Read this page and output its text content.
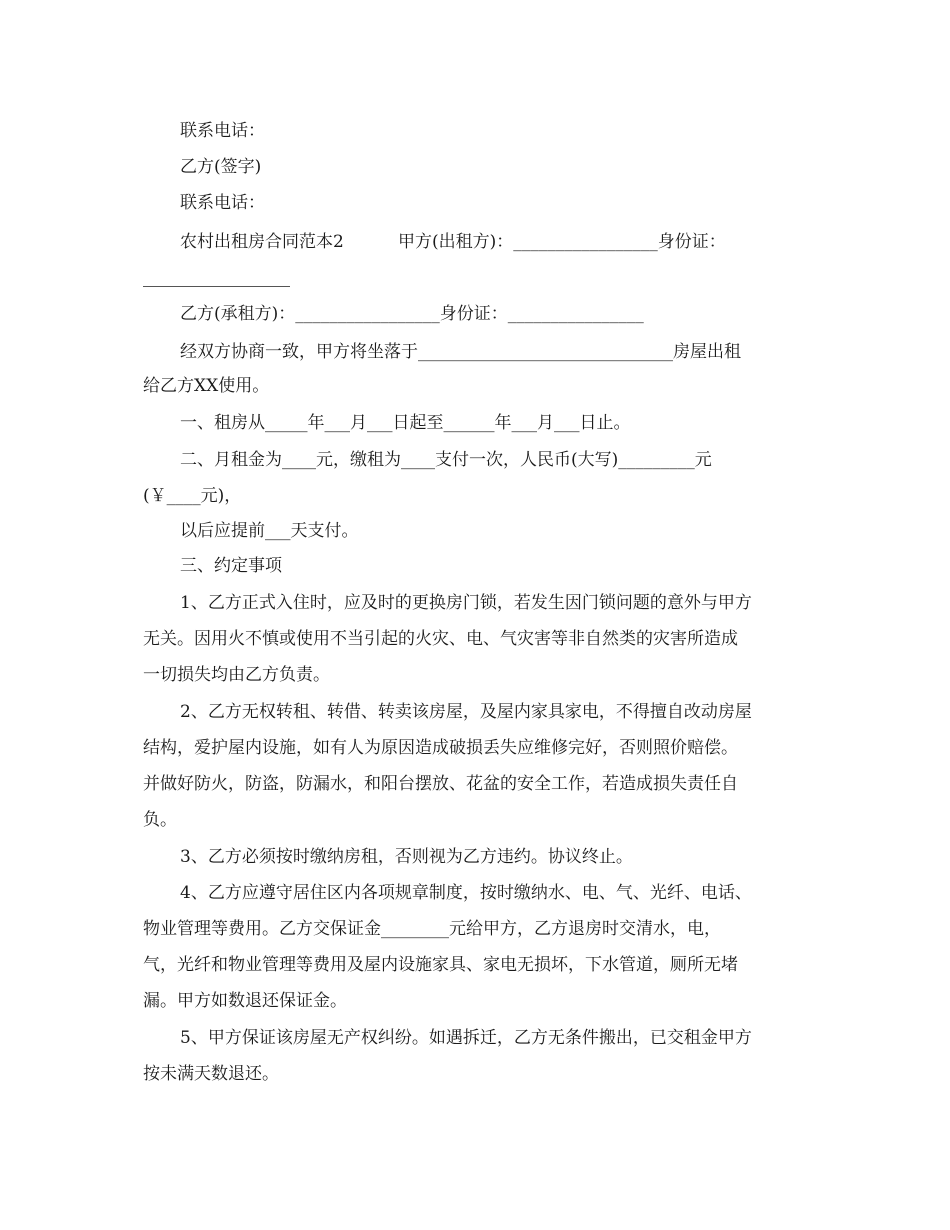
联系电话：
乙方(签字)
联系电话：
农村出租房合同范本2	甲方(出租方)：_________________身份证：
乙方(承租方)：_________________身份证：________________
经双方协商一致，甲方将坐落于______________________________房屋出租
给乙方XX使用。
一、租房从_____年___月___日起至______年___月___日止。
二、月租金为____元，缴租为____支付一次，人民币(大写)_________元
(￥____元)，
以后应提前___天支付。
三、约定事项
1、乙方正式入住时，应及时的更换房门锁，若发生因门锁问题的意外与甲方
无关。因用火不慎或使用不当引起的火灾、电、气灾害等非自然类的灾害所造成
一切损失均由乙方负责。
2、乙方无权转租、转借、转卖该房屋，及屋内家具家电，不得擅自改动房屋
结构，爱护屋内设施，如有人为原因造成破损丢失应维修完好，否则照价赔偿。
并做好防火，防盗，防漏水，和阳台摆放、花盆的安全工作，若造成损失责任自
负。
3、乙方必须按时缴纳房租，否则视为乙方违约。协议终止。
4、乙方应遵守居住区内各项规章制度，按时缴纳水、电、气、光纤、电话、
物业管理等费用。乙方交保证金________元给甲方，乙方退房时交清水，电，
气，光纤和物业管理等费用及屋内设施家具、家电无损坏，下水管道，厕所无堵
漏。甲方如数退还保证金。
5、甲方保证该房屋无产权纠纷。如遇拆迁，乙方无条件搬出，已交租金甲方
按未满天数退还。
